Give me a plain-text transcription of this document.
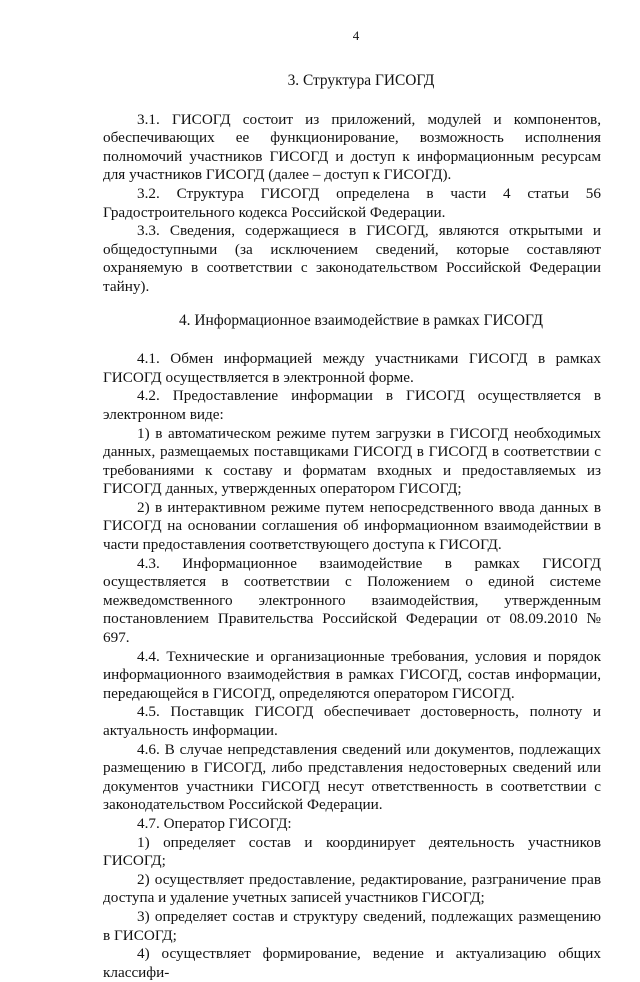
4
3. Структура ГИСОГД

3.1. ГИСОГД состоит из приложений, модулей и компонентов, обеспечивающих ее функционирование, возможность исполнения полномочий участников ГИСОГД и доступ к информационным ресурсам для участников ГИСОГД (далее – доступ к ГИСОГД).

3.2. Структура ГИСОГД определена в части 4 статьи 56 Градостроительного кодекса Российской Федерации.

3.3. Сведения, содержащиеся в ГИСОГД, являются открытыми и общедоступными (за исключением сведений, которые составляют охраняемую в соответствии с законодательством Российской Федерации тайну).

4. Информационное взаимодействие в рамках ГИСОГД

4.1. Обмен информацией между участниками ГИСОГД в рамках ГИСОГД осуществляется в электронной форме.

4.2. Предоставление информации в ГИСОГД осуществляется в электронном виде:

1) в автоматическом режиме путем загрузки в ГИСОГД необходимых данных, размещаемых поставщиками ГИСОГД в ГИСОГД в соответствии с требованиями к составу и форматам входных и предоставляемых из ГИСОГД данных, утвержденных оператором ГИСОГД;

2) в интерактивном режиме путем непосредственного ввода данных в ГИСОГД на основании соглашения об информационном взаимодействии в части предоставления соответствующего доступа к ГИСОГД.

4.3. Информационное взаимодействие в рамках ГИСОГД осуществляется в соответствии с Положением о единой системе межведомственного электронного взаимодействия, утвержденным постановлением Правительства Российской Федерации от 08.09.2010 № 697.

4.4. Технические и организационные требования, условия и порядок информационного взаимодействия в рамках ГИСОГД, состав информации, передающейся в ГИСОГД, определяются оператором ГИСОГД.

4.5. Поставщик ГИСОГД обеспечивает достоверность, полноту и актуальность информации.

4.6. В случае непредставления сведений или документов, подлежащих размещению в ГИСОГД, либо представления недостоверных сведений или документов участники ГИСОГД несут ответственность в соответствии с законодательством Российской Федерации.

4.7. Оператор ГИСОГД:

1) определяет состав и координирует деятельность участников ГИСОГД;

2) осуществляет предоставление, редактирование, разграничение прав доступа и удаление учетных записей участников ГИСОГД;

3) определяет состав и структуру сведений, подлежащих размещению в ГИСОГД;

4) осуществляет формирование, ведение и актуализацию общих классифи-
